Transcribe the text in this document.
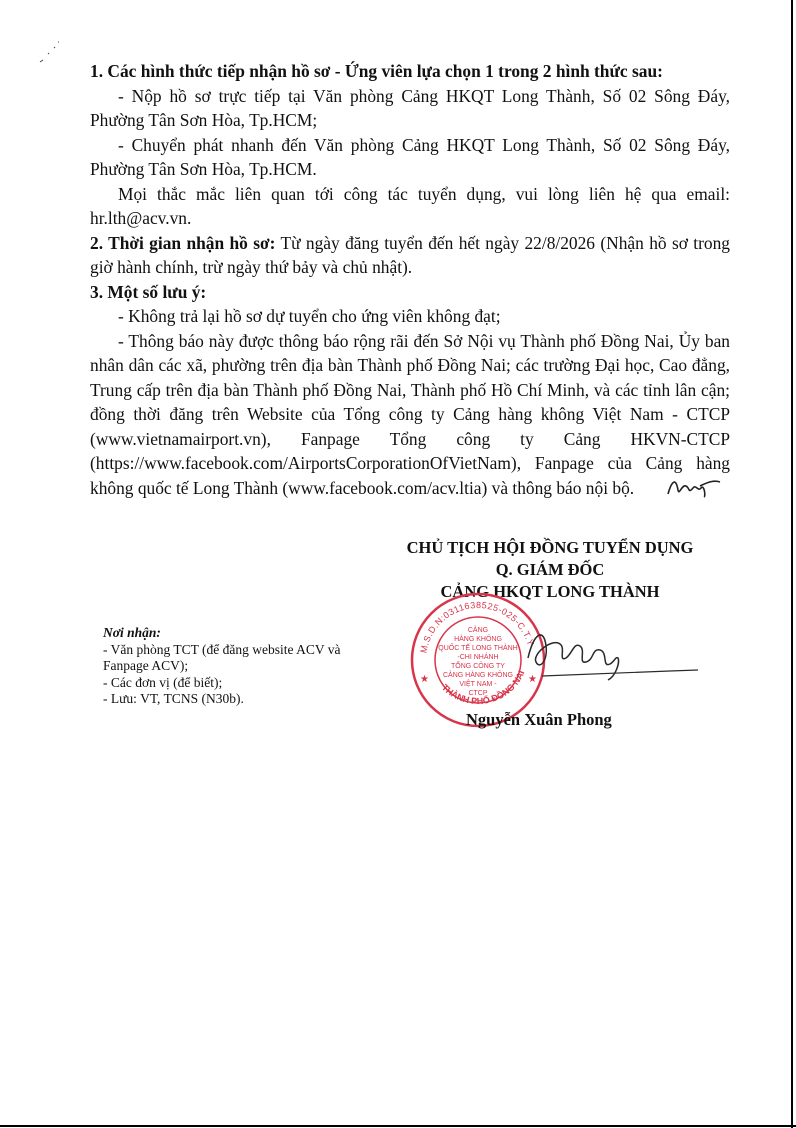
1. Các hình thức tiếp nhận hồ sơ - Ứng viên lựa chọn 1 trong 2 hình thức sau:

- Nộp hồ sơ trực tiếp tại Văn phòng Cảng HKQT Long Thành, Số 02 Sông Đáy, Phường Tân Sơn Hòa, Tp.HCM;

- Chuyển phát nhanh đến Văn phòng Cảng HKQT Long Thành, Số 02 Sông Đáy, Phường Tân Sơn Hòa, Tp.HCM.

Mọi thắc mắc liên quan tới công tác tuyển dụng, vui lòng liên hệ qua email: hr.lth@acv.vn.

2. Thời gian nhận hồ sơ: Từ ngày đăng tuyển đến hết ngày 22/8/2026 (Nhận hồ sơ trong giờ hành chính, trừ ngày thứ bảy và chủ nhật).

3. Một số lưu ý:

- Không trả lại hồ sơ dự tuyển cho ứng viên không đạt;

- Thông báo này được thông báo rộng rãi đến Sở Nội vụ Thành phố Đồng Nai, Ủy ban nhân dân các xã, phường trên địa bàn Thành phố Đồng Nai; các trường Đại học, Cao đẳng, Trung cấp trên địa bàn Thành phố Đồng Nai, Thành phố Hồ Chí Minh, và các tỉnh lân cận; đồng thời đăng trên Website của Tổng công ty Cảng hàng không Việt Nam - CTCP (www.vietnamairport.vn), Fanpage Tổng công ty Cảng HKVN-CTCP (https://www.facebook.com/AirportsCorporationOfVietNam), Fanpage của Cảng hàng không quốc tế Long Thành (www.facebook.com/acv.ltia) và thông báo nội bộ.

CHỦ TỊCH HỘI ĐỒNG TUYỂN DỤNG
Q. GIÁM ĐỐC
CẢNG HKQT LONG THÀNH
M.S.D.N:0311638525-025-C.T.Y
THÀNH PHỐ ĐỒNG NAI
★	★
CẢNG
HÀNG KHÔNG
QUỐC TẾ LONG THÀNH
-CHI NHÁNH
TỔNG CÔNG TY
CẢNG HÀNG KHÔNG
VIỆT NAM -
CTCP
Nguyễn Xuân Phong
Nơi nhận:
- Văn phòng TCT (để đăng website ACV và Fanpage ACV);
- Các đơn vị (để biết);
- Lưu: VT, TCNS (N30b).
